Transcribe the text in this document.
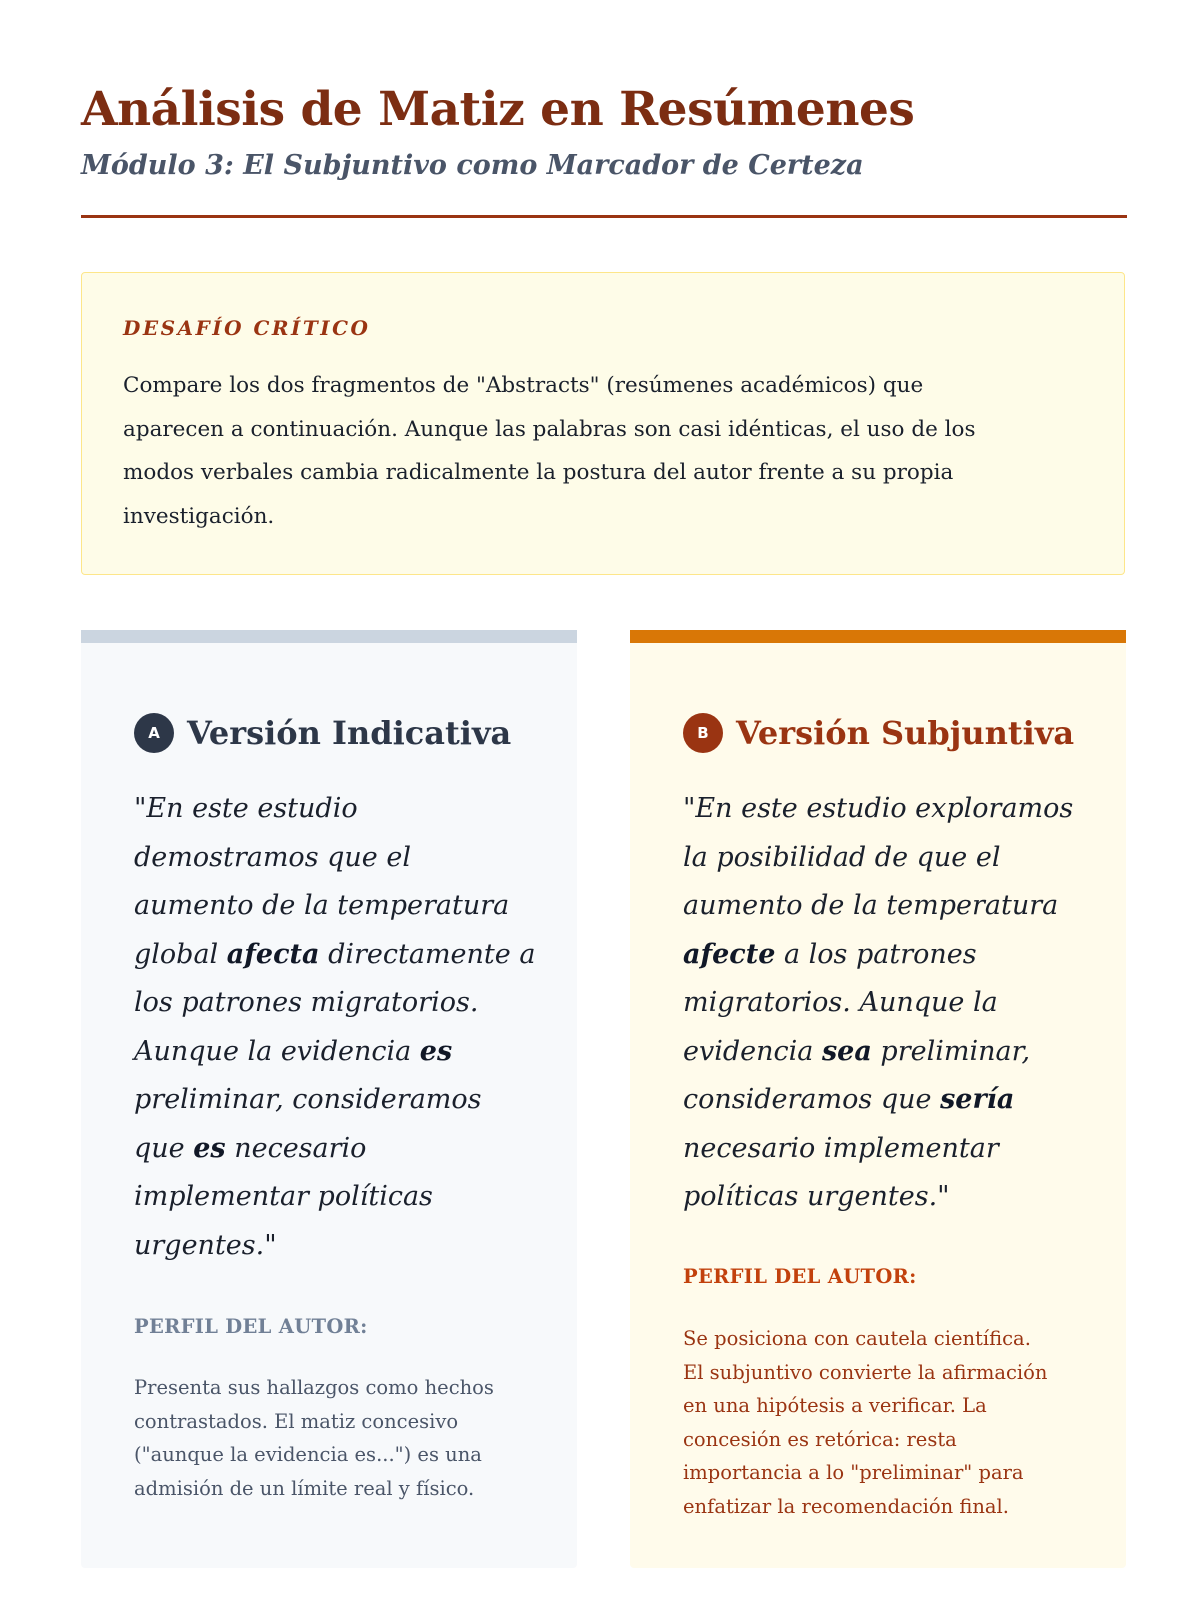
Análisis de Matiz en Resúmenes
Módulo 3: El Subjuntivo como Marcador de Certeza
DESAFÍO CRÍTICO
Compare los dos fragmentos de "Abstracts" (resúmenes académicos) que
aparecen a continuación. Aunque las palabras son casi idénticas, el uso de los
modos verbales cambia radicalmente la postura del autor frente a su propia
investigación.
A Versión Indicativa
"En este estudio
demostramos que el
aumento de la temperatura
global afecta directamente a
los patrones migratorios.
Aunque la evidencia es
preliminar, consideramos
que es necesario
implementar políticas
urgentes."
PERFIL DEL AUTOR:
Presenta sus hallazgos como hechos
contrastados. El matiz concesivo
("aunque la evidencia es...") es una
admisión de un límite real y físico.
B Versión Subjuntiva
"En este estudio exploramos
la posibilidad de que el
aumento de la temperatura
afecte a los patrones
migratorios. Aunque la
evidencia sea preliminar,
consideramos que sería
necesario implementar
políticas urgentes."
PERFIL DEL AUTOR:
Se posiciona con cautela científica.
El subjuntivo convierte la afirmación
en una hipótesis a verificar. La
concesión es retórica: resta
importancia a lo "preliminar" para
enfatizar la recomendación final.
